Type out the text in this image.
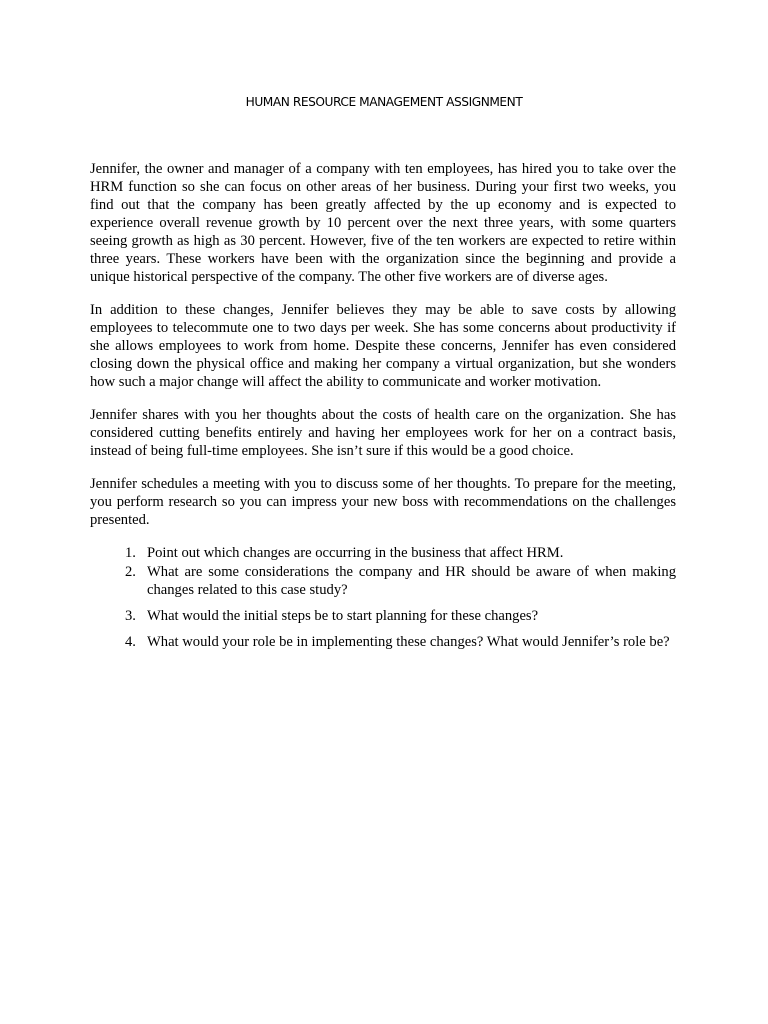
HUMAN RESOURCE MANAGEMENT ASSIGNMENT

Jennifer, the owner and manager of a company with ten employees, has hired you to take over the HRM function so she can focus on other areas of her business. During your first two weeks, you find out that the company has been greatly affected by the up economy and is expected to experience overall revenue growth by 10 percent over the next three years, with some quarters seeing growth as high as 30 percent. However, five of the ten workers are expected to retire within three years. These workers have been with the organization since the beginning and provide a unique historical perspective of the company. The other five workers are of diverse ages.

In addition to these changes, Jennifer believes they may be able to save costs by allowing employees to telecommute one to two days per week. She has some concerns about productivity if she allows employees to work from home. Despite these concerns, Jennifer has even considered closing down the physical office and making her company a virtual organization, but she wonders how such a major change will affect the ability to communicate and worker motivation.

Jennifer shares with you her thoughts about the costs of health care on the organization. She has considered cutting benefits entirely and having her employees work for her on a contract basis, instead of being full-time employees. She isn’t sure if this would be a good choice.

Jennifer schedules a meeting with you to discuss some of her thoughts. To prepare for the meeting, you perform research so you can impress your new boss with recommendations on the challenges presented.

1. Point out which changes are occurring in the business that affect HRM.
2. What are some considerations the company and HR should be aware of when making changes related to this case study?
3. What would the initial steps be to start planning for these changes?
4. What would your role be in implementing these changes? What would Jennifer’s role be?
